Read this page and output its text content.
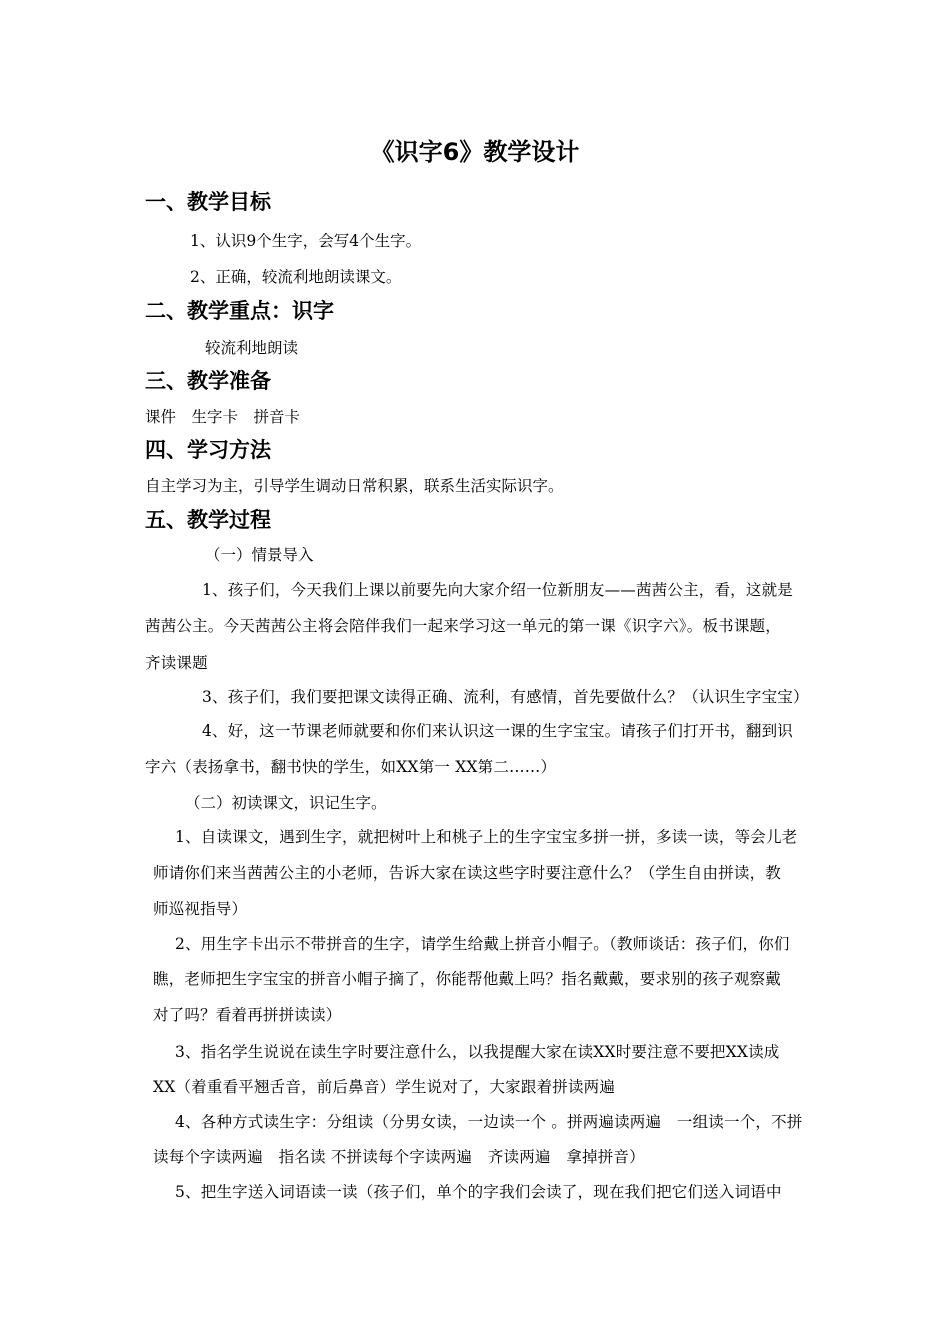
《识字6》教学设计
一、教学目标
1、认识9个生字，会写4个生字。
2、正确，较流利地朗读课文。
二、教学重点：识字
较流利地朗读
三、教学准备
课件　生字卡　拼音卡
四、学习方法
自主学习为主，引导学生调动日常积累，联系生活实际识字。
五、教学过程
（一）情景导入
1、孩子们，今天我们上课以前要先向大家介绍一位新朋友——茜茜公主，看，这就是
茜茜公主。今天茜茜公主将会陪伴我们一起来学习这一单元的第一课《识字六》。板书课题，
齐读课题
3、孩子们，我们要把课文读得正确、流利，有感情，首先要做什么？（认识生字宝宝）
4、好，这一节课老师就要和你们来认识这一课的生字宝宝。请孩子们打开书，翻到识
字六（表扬拿书，翻书快的学生，如XX第一 XX第二……）
（二）初读课文，识记生字。
1、自读课文，遇到生字，就把树叶上和桃子上的生字宝宝多拼一拼，多读一读，等会儿老
师请你们来当茜茜公主的小老师，告诉大家在读这些字时要注意什么？（学生自由拼读，教
师巡视指导）
2、用生字卡出示不带拼音的生字，请学生给戴上拼音小帽子。（教师谈话：孩子们，你们
瞧，老师把生字宝宝的拼音小帽子摘了，你能帮他戴上吗？指名戴戴，要求别的孩子观察戴
对了吗？看着再拼拼读读）
3、指名学生说说在读生字时要注意什么，以我提醒大家在读XX时要注意不要把XX读成
XX（着重看平翘舌音，前后鼻音）学生说对了，大家跟着拼读两遍
4、各种方式读生字：分组读（分男女读，一边读一个 。拼两遍读两遍　一组读一个，不拼
读每个字读两遍　指名读 不拼读每个字读两遍　齐读两遍　拿掉拼音）
5、把生字送入词语读一读（孩子们，单个的字我们会读了，现在我们把它们送入词语中
